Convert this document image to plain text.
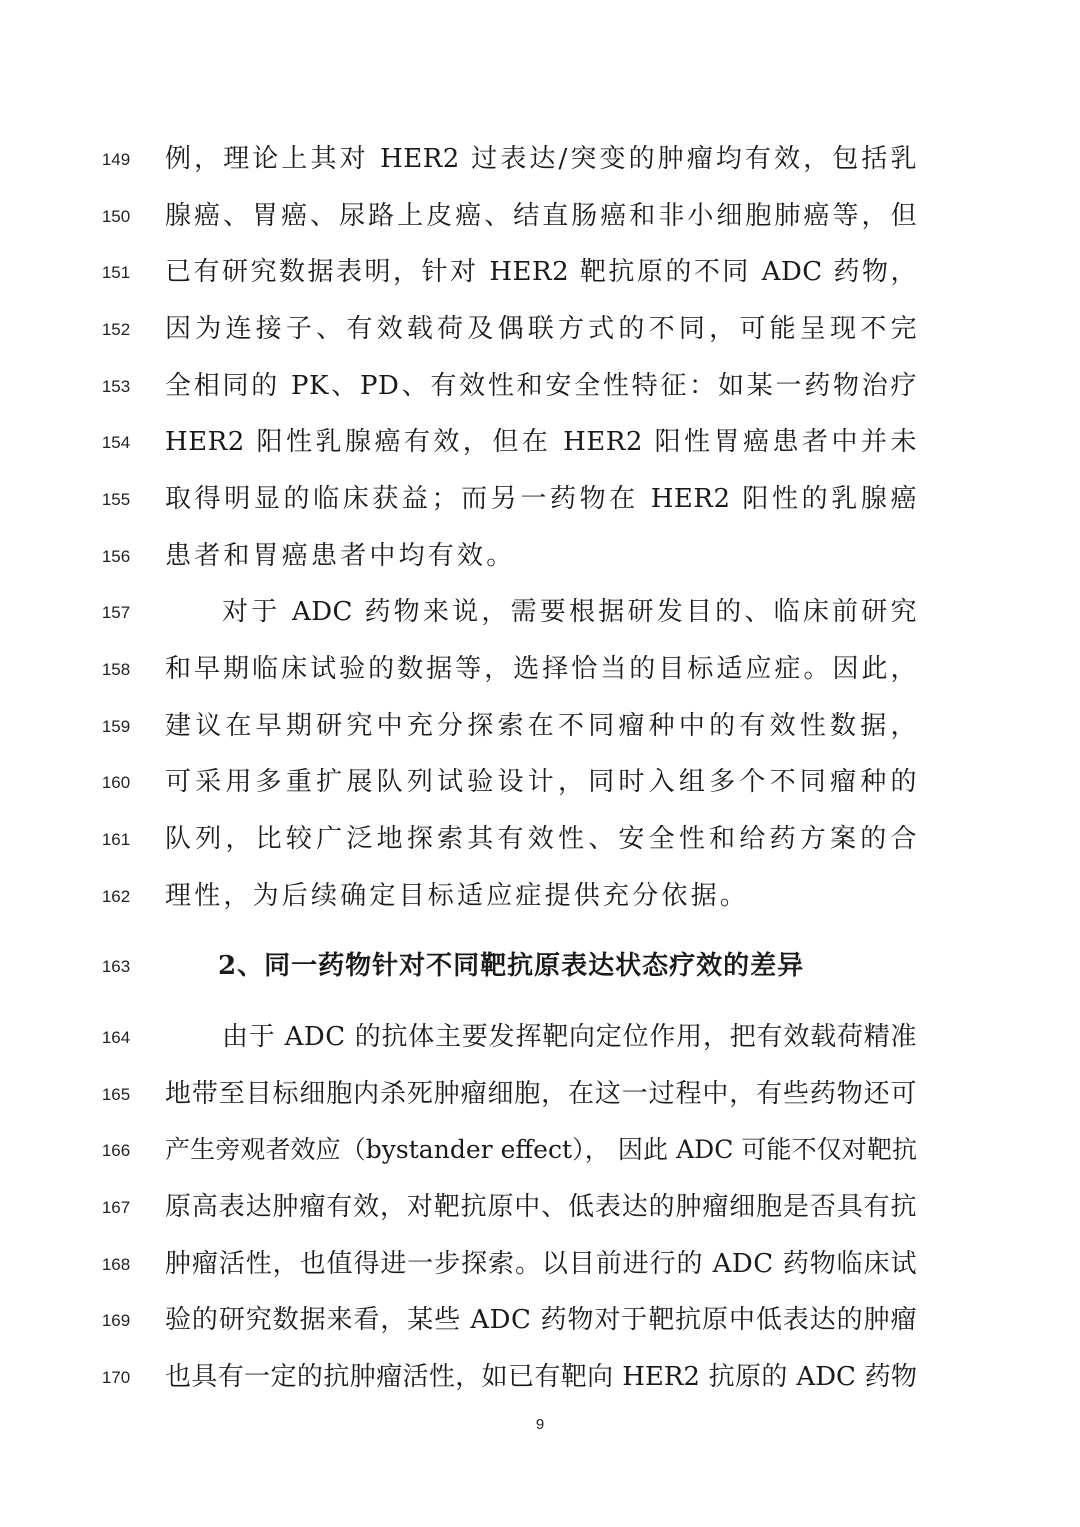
149	例，理论上其对 HER2 过表达/突变的肿瘤均有效，包括乳
150	腺癌、胃癌、尿路上皮癌、结直肠癌和非小细胞肺癌等，但
151	已有研究数据表明，针对 HER2 靶抗原的不同 ADC 药物，
152	因为连接子、有效载荷及偶联方式的不同，可能呈现不完
153	全相同的 PK、PD、有效性和安全性特征：如某一药物治疗
154	HER2 阳性乳腺癌有效，但在 HER2 阳性胃癌患者中并未
155	取得明显的临床获益；而另一药物在 HER2 阳性的乳腺癌
156	患者和胃癌患者中均有效。
157	对于 ADC 药物来说，需要根据研发目的、临床前研究
158	和早期临床试验的数据等，选择恰当的目标适应症。因此，
159	建议在早期研究中充分探索在不同瘤种中的有效性数据，
160	可采用多重扩展队列试验设计，同时入组多个不同瘤种的
161	队列，比较广泛地探索其有效性、安全性和给药方案的合
162	理性，为后续确定目标适应症提供充分依据。
163	2、同一药物针对不同靶抗原表达状态疗效的差异
164	由于 ADC 的抗体主要发挥靶向定位作用，把有效载荷精准
165	地带至目标细胞内杀死肿瘤细胞，在这一过程中，有些药物还可
166	产生旁观者效应（bystander effect）， 因此 ADC 可能不仅对靶抗
167	原高表达肿瘤有效，对靶抗原中、低表达的肿瘤细胞是否具有抗
168	肿瘤活性，也值得进一步探索。以目前进行的 ADC 药物临床试
169	验的研究数据来看，某些 ADC 药物对于靶抗原中低表达的肿瘤
170	也具有一定的抗肿瘤活性，如已有靶向 HER2 抗原的 ADC 药物
9
